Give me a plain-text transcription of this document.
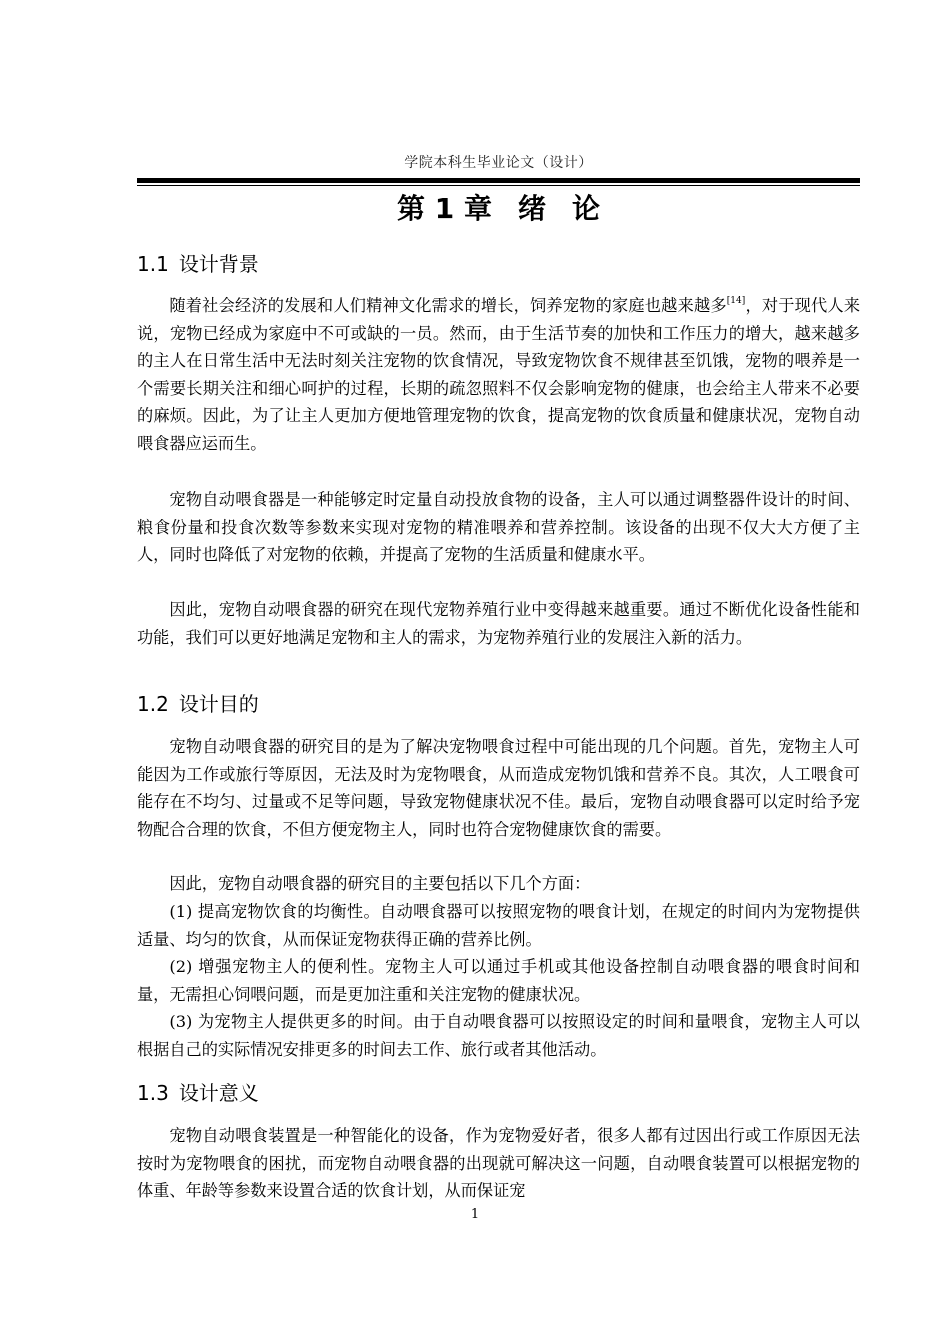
学院本科生毕业论文（设计）
第 1 章 绪 论
1.1 设计背景

随着社会经济的发展和人们精神文化需求的增长，饲养宠物的家庭也越来越多[14]，对于现代人来说，宠物已经成为家庭中不可或缺的一员。然而，由于生活节奏的加快和工作压力的增大，越来越多的主人在日常生活中无法时刻关注宠物的饮食情况，导致宠物饮食不规律甚至饥饿，宠物的喂养是一个需要长期关注和细心呵护的过程，长期的疏忽照料不仅会影响宠物的健康，也会给主人带来不必要的麻烦。因此，为了让主人更加方便地管理宠物的饮食，提高宠物的饮食质量和健康状况，宠物自动喂食器应运而生。

宠物自动喂食器是一种能够定时定量自动投放食物的设备，主人可以通过调整器件设计的时间、粮食份量和投食次数等参数来实现对宠物的精准喂养和营养控制。该设备的出现不仅大大方便了主人，同时也降低了对宠物的依赖，并提高了宠物的生活质量和健康水平。

因此，宠物自动喂食器的研究在现代宠物养殖行业中变得越来越重要。通过不断优化设备性能和功能，我们可以更好地满足宠物和主人的需求，为宠物养殖行业的发展注入新的活力。

1.2 设计目的

宠物自动喂食器的研究目的是为了解决宠物喂食过程中可能出现的几个问题。首先，宠物主人可能因为工作或旅行等原因，无法及时为宠物喂食，从而造成宠物饥饿和营养不良。其次，人工喂食可能存在不均匀、过量或不足等问题，导致宠物健康状况不佳。最后，宠物自动喂食器可以定时给予宠物配合合理的饮食，不但方便宠物主人，同时也符合宠物健康饮食的需要。

因此，宠物自动喂食器的研究目的主要包括以下几个方面：

(1) 提高宠物饮食的均衡性。自动喂食器可以按照宠物的喂食计划，在规定的时间内为宠物提供适量、均匀的饮食，从而保证宠物获得正确的营养比例。

(2) 增强宠物主人的便利性。宠物主人可以通过手机或其他设备控制自动喂食器的喂食时间和量，无需担心饲喂问题，而是更加注重和关注宠物的健康状况。

(3) 为宠物主人提供更多的时间。由于自动喂食器可以按照设定的时间和量喂食，宠物主人可以根据自己的实际情况安排更多的时间去工作、旅行或者其他活动。

1.3 设计意义

宠物自动喂食装置是一种智能化的设备，作为宠物爱好者，很多人都有过因出行或工作原因无法按时为宠物喂食的困扰，而宠物自动喂食器的出现就可解决这一问题，自动喂食装置可以根据宠物的体重、年龄等参数来设置合适的饮食计划，从而保证宠

1
